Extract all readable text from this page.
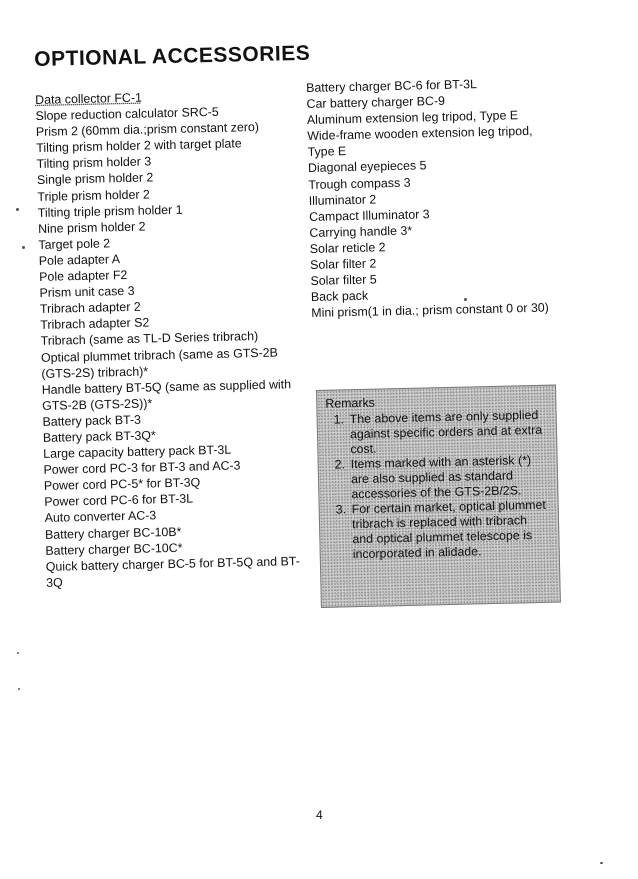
OPTIONAL ACCESSORIES
Data collector FC-1
Slope reduction calculator SRC-5
Prism 2 (60mm dia.;prism constant zero)
Tilting prism holder 2 with target plate
Tilting prism holder 3
Single prism holder 2
Triple prism holder 2
Tilting triple prism holder 1
Nine prism holder 2
Target pole 2
Pole adapter A
Pole adapter F2
Prism unit case 3
Tribrach adapter 2
Tribrach adapter S2
Tribrach (same as TL-D Series tribrach)
Optical plummet tribrach (same as GTS-2B (GTS-2S) tribrach)*
Handle battery BT-5Q (same as supplied with GTS-2B (GTS-2S))*
Battery pack BT-3
Battery pack BT-3Q*
Large capacity battery pack BT-3L
Power cord PC-3 for BT-3 and AC-3
Power cord PC-5* for BT-3Q
Power cord PC-6 for BT-3L
Auto converter AC-3
Battery charger BC-10B*
Battery charger BC-10C*
Quick battery charger BC-5 for BT-5Q and BT-3Q
Battery charger BC-6 for BT-3L
Car battery charger BC-9
Aluminum extension leg tripod, Type E
Wide-frame wooden extension leg tripod, Type E
Diagonal eyepieces 5
Trough compass 3
Illuminator 2
Campact Illuminator 3
Carrying handle 3*
Solar reticle 2
Solar filter 2
Solar filter 5
Back pack
Mini prism(1 in dia.; prism constant 0 or 30)
Remarks
1. The above items are only supplied against specific orders and at extra cost.
2. Items marked with an asterisk (*) are also supplied as standard accessories of the GTS-2B/2S.
3. For certain market, optical plummet tribrach is replaced with tribrach and optical plummet telescope is incorporated in alidade.
4
